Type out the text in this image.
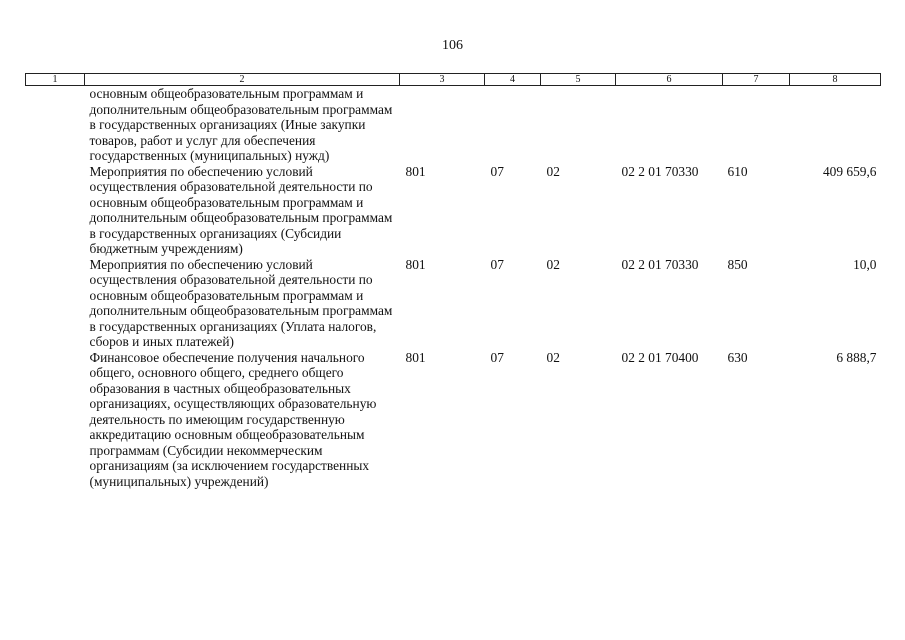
106
1	2	3	4	5	6	7	8
	основным общеобразовательным программам и дополнительным общеобразовательным программам в государственных организациях (Иные закупки товаров, работ и услуг для обеспечения государственных (муниципальных) нужд)						
	Мероприятия по обеспечению условий осуществления образовательной деятельности по основным общеобразовательным программам и дополнительным общеобразовательным программам в государственных организациях (Субсидии бюджетным учреждениям)	801	07	02	02 2 01 70330	610	409 659,6
	Мероприятия по обеспечению условий осуществления образовательной деятельности по основным общеобразовательным программам и дополнительным общеобразовательным программам в государственных организациях (Уплата налогов, сборов и иных платежей)	801	07	02	02 2 01 70330	850	10,0
	Финансовое обеспечение получения начального общего, основного общего, среднего общего образования в частных общеобразовательных организациях, осуществляющих образовательную деятельность по имеющим государственную аккредитацию основным общеобразовательным программам (Субсидии некоммерческим организациям (за исключением государственных (муниципальных) учреждений)	801	07	02	02 2 01 70400	630	6 888,7
